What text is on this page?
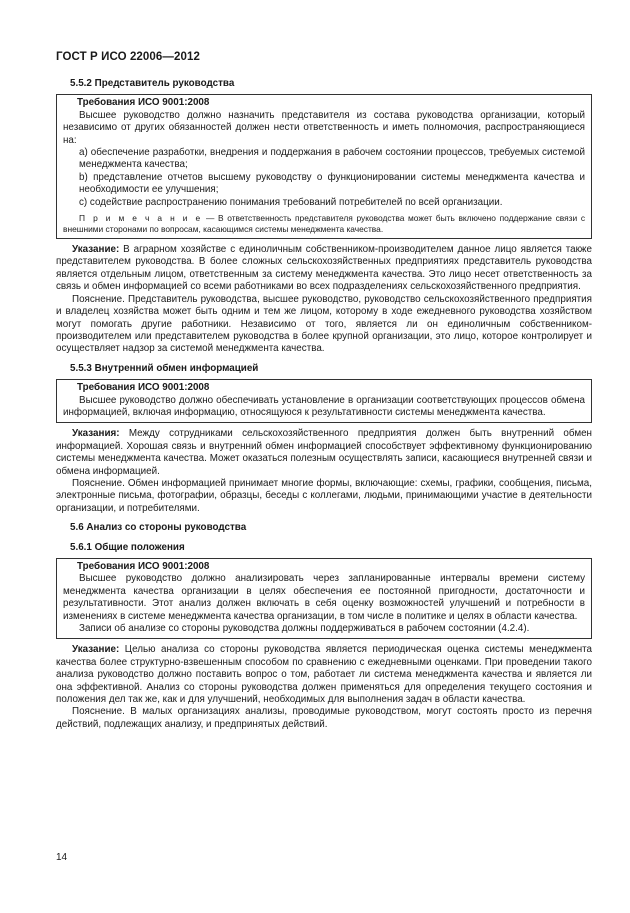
ГОСТ Р ИСО 22006—2012
5.5.2 Представитель руководства
Требования ИСО 9001:2008
Высшее руководство должно назначить представителя из состава руководства организации, который независимо от других обязанностей должен нести ответственность и иметь полномочия, распространяющиеся на:
а) обеспечение разработки, внедрения и поддержания в рабочем состоянии процессов, требуемых системой менеджмента качества;
b) представление отчетов высшему руководству о функционировании системы менеджмента качества и необходимости ее улучшения;
с) содействие распространению понимания требований потребителей по всей организации.
П р и м е ч а н и е — В ответственность представителя руководства может быть включено поддержание связи с внешними сторонами по вопросам, касающимся системы менеджмента качества.
Указание: В аграрном хозяйстве с единоличным собственником-производителем данное лицо является также представителем руководства. В более сложных сельскохозяйственных предприятиях представитель руководства является отдельным лицом, ответственным за систему менеджмента качества. Это лицо несет ответственность за связь и обмен информацией со всеми работниками во всех подразделениях сельскохозяйственного предприятия.
Пояснение. Представитель руководства, высшее руководство, руководство сельскохозяйственного предприятия и владелец хозяйства может быть одним и тем же лицом, которому в ходе ежедневного руководства хозяйством могут помогать другие работники. Независимо от того, является ли он единоличным собственником-производителем или представителем руководства в более крупной организации, это лицо, которое контролирует и осуществляет надзор за системой менеджмента качества.
5.5.3 Внутренний обмен информацией
Требования ИСО 9001:2008
Высшее руководство должно обеспечивать установление в организации соответствующих процессов обмена информацией, включая информацию, относящуюся к результативности системы менеджмента качества.
Указания: Между сотрудниками сельскохозяйственного предприятия должен быть внутренний обмен информацией. Хорошая связь и внутренний обмен информацией способствует эффективному функционированию системы менеджмента качества. Может оказаться полезным осуществлять записи, касающиеся внутренней связи и обмена информацией.
Пояснение. Обмен информацией принимает многие формы, включающие: схемы, графики, сообщения, письма, электронные письма, фотографии, образцы, беседы с коллегами, людьми, принимающими участие в деятельности организации, и потребителями.
5.6 Анализ со стороны руководства
5.6.1 Общие положения
Требования ИСО 9001:2008
Высшее руководство должно анализировать через запланированные интервалы времени систему менеджмента качества организации в целях обеспечения ее постоянной пригодности, достаточности и результативности. Этот анализ должен включать в себя оценку возможностей улучшений и потребности в изменениях в системе менеджмента качества организации, в том числе в политике и целях в области качества.
Записи об анализе со стороны руководства должны поддерживаться в рабочем состоянии (4.2.4).
Указание: Целью анализа со стороны руководства является периодическая оценка системы менеджмента качества более структурно-взвешенным способом по сравнению с ежедневными оценками. При проведении такого анализа руководство должно поставить вопрос о том, работает ли система менеджмента качества и является ли она эффективной. Анализ со стороны руководства должен применяться для определения текущего состояния и положения дел так же, как и для улучшений, необходимых для выполнения задач в области качества.
Пояснение. В малых организациях анализы, проводимые руководством, могут состоять просто из перечня действий, подлежащих анализу, и предпринятых действий.
14
